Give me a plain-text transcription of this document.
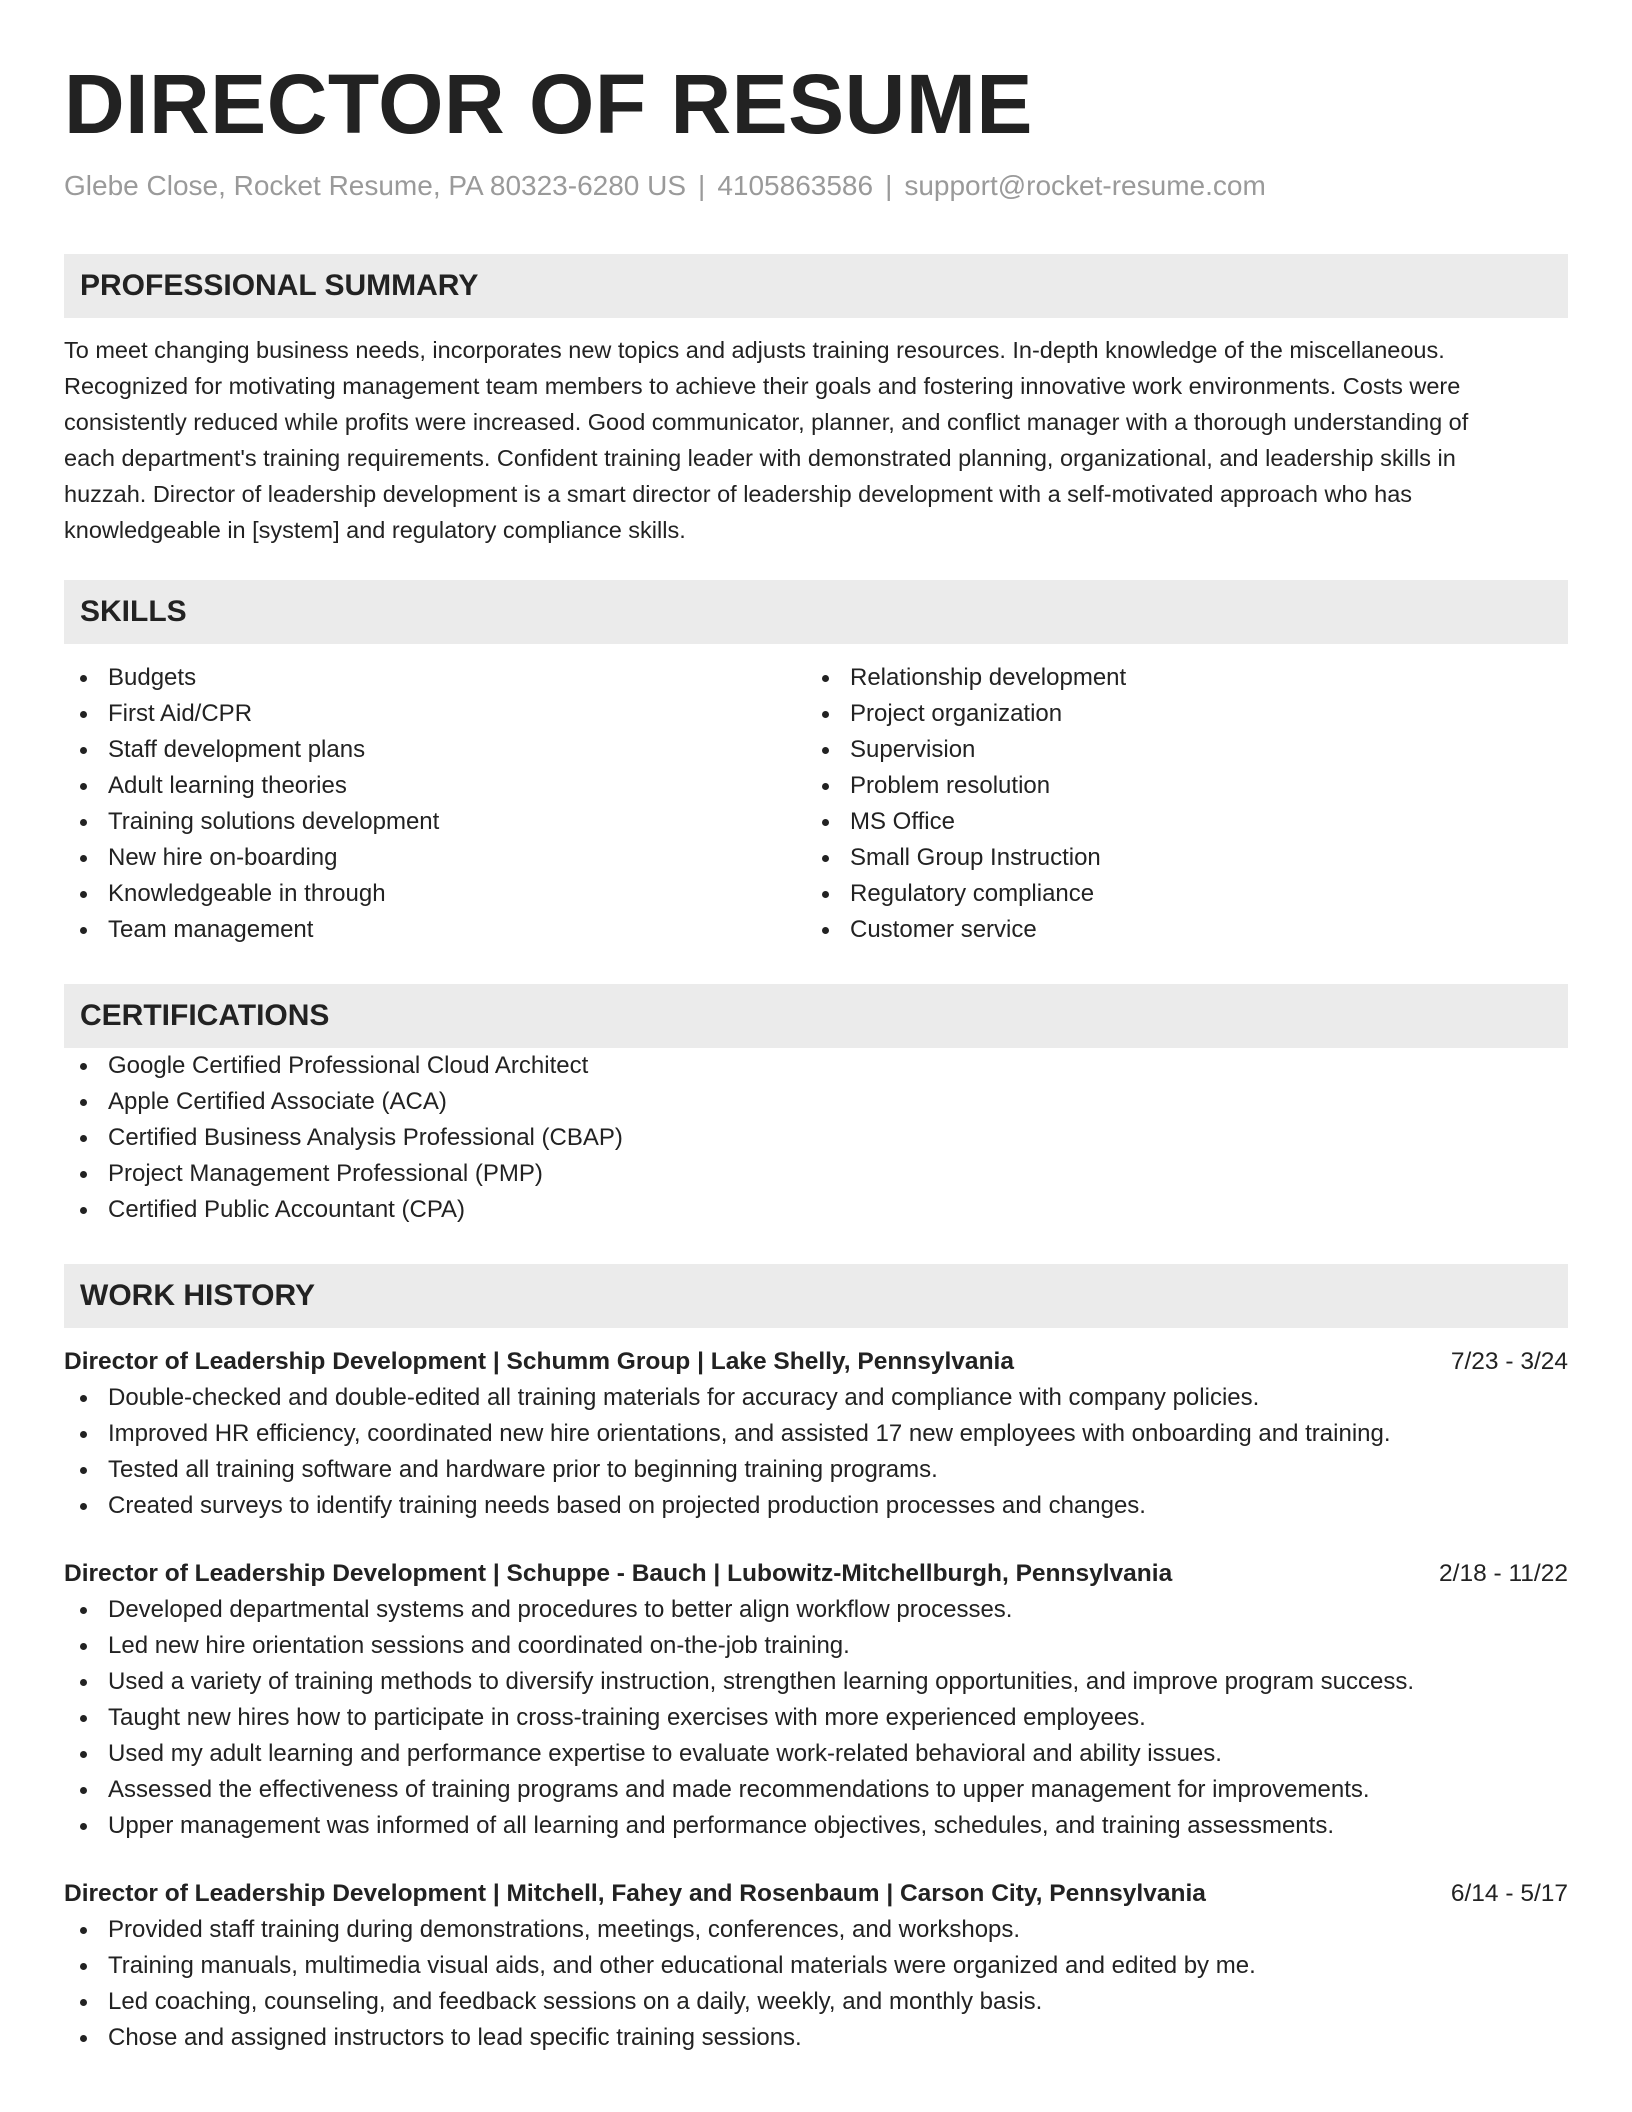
DIRECTOR OF RESUME
Glebe Close, Rocket Resume, PA 80323-6280 US | 4105863586 | support@rocket-resume.com
PROFESSIONAL SUMMARY
To meet changing business needs, incorporates new topics and adjusts training resources. In-depth knowledge of the miscellaneous.
Recognized for motivating management team members to achieve their goals and fostering innovative work environments. Costs were
consistently reduced while profits were increased. Good communicator, planner, and conflict manager with a thorough understanding of
each department's training requirements. Confident training leader with demonstrated planning, organizational, and leadership skills in
huzzah. Director of leadership development is a smart director of leadership development with a self-motivated approach who has
knowledgeable in [system] and regulatory compliance skills.
SKILLS
Budgets
First Aid/CPR
Staff development plans
Adult learning theories
Training solutions development
New hire on-boarding
Knowledgeable in through
Team management
Relationship development
Project organization
Supervision
Problem resolution
MS Office
Small Group Instruction
Regulatory compliance
Customer service
CERTIFICATIONS
Google Certified Professional Cloud Architect
Apple Certified Associate (ACA)
Certified Business Analysis Professional (CBAP)
Project Management Professional (PMP)
Certified Public Accountant (CPA)
WORK HISTORY
Director of Leadership Development | Schumm Group | Lake Shelly, Pennsylvania	7/23 - 3/24
Double-checked and double-edited all training materials for accuracy and compliance with company policies.
Improved HR efficiency, coordinated new hire orientations, and assisted 17 new employees with onboarding and training.
Tested all training software and hardware prior to beginning training programs.
Created surveys to identify training needs based on projected production processes and changes.
Director of Leadership Development | Schuppe - Bauch | Lubowitz-Mitchellburgh, Pennsylvania	2/18 - 11/22
Developed departmental systems and procedures to better align workflow processes.
Led new hire orientation sessions and coordinated on-the-job training.
Used a variety of training methods to diversify instruction, strengthen learning opportunities, and improve program success.
Taught new hires how to participate in cross-training exercises with more experienced employees.
Used my adult learning and performance expertise to evaluate work-related behavioral and ability issues.
Assessed the effectiveness of training programs and made recommendations to upper management for improvements.
Upper management was informed of all learning and performance objectives, schedules, and training assessments.
Director of Leadership Development | Mitchell, Fahey and Rosenbaum | Carson City, Pennsylvania	6/14 - 5/17
Provided staff training during demonstrations, meetings, conferences, and workshops.
Training manuals, multimedia visual aids, and other educational materials were organized and edited by me.
Led coaching, counseling, and feedback sessions on a daily, weekly, and monthly basis.
Chose and assigned instructors to lead specific training sessions.
